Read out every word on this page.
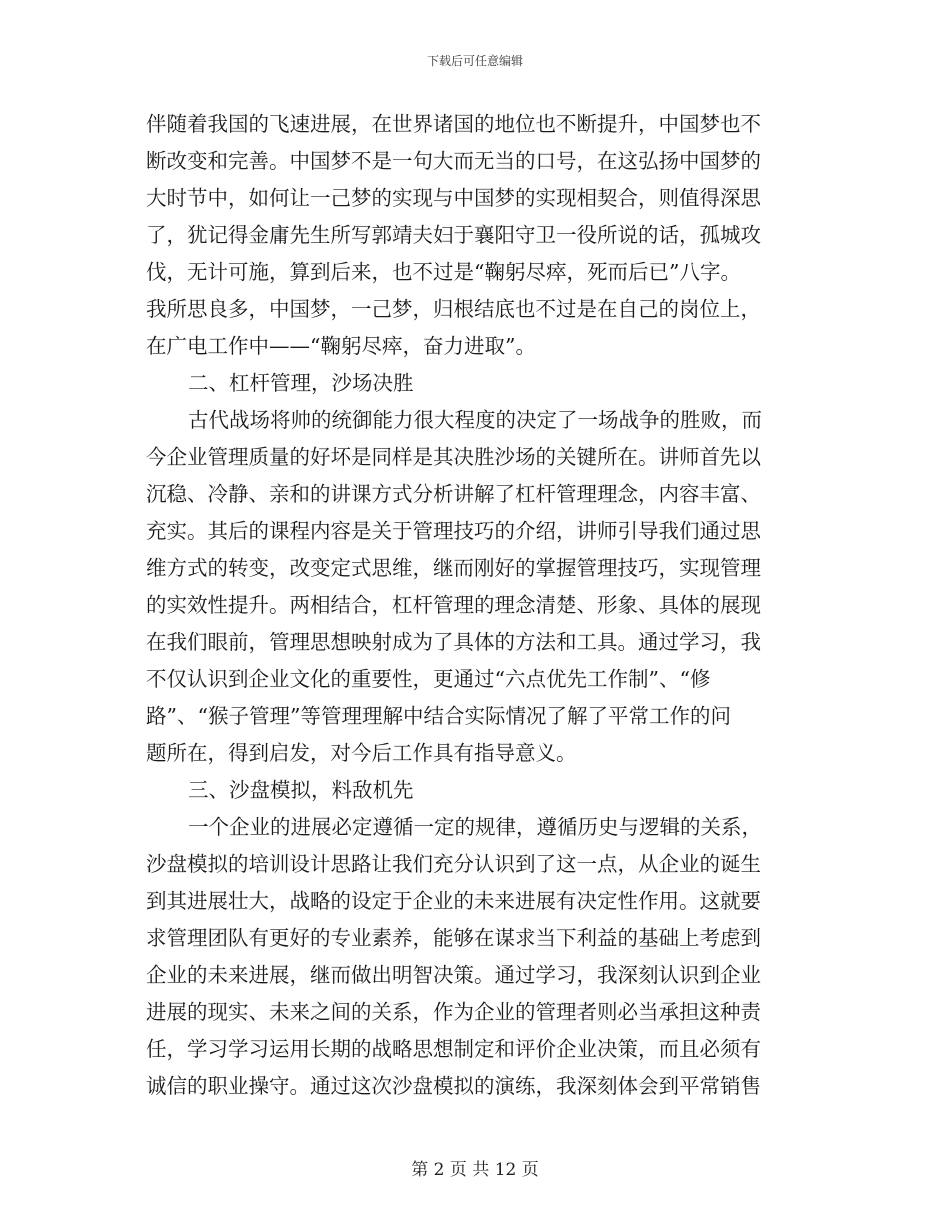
下载后可任意编辑
伴随着我国的飞速进展，在世界诸国的地位也不断提升，中国梦也不
断改变和完善。中国梦不是一句大而无当的口号，在这弘扬中国梦的
大时节中，如何让一己梦的实现与中国梦的实现相契合，则值得深思
了，犹记得金庸先生所写郭靖夫妇于襄阳守卫一役所说的话，孤城攻
伐，无计可施，算到后来，也不过是“鞠躬尽瘁，死而后已”八字。
我所思良多，中国梦，一己梦，归根结底也不过是在自己的岗位上，
在广电工作中——“鞠躬尽瘁，奋力进取”。
二、杠杆管理，沙场决胜
古代战场将帅的统御能力很大程度的决定了一场战争的胜败，而
今企业管理质量的好坏是同样是其决胜沙场的关键所在。讲师首先以
沉稳、冷静、亲和的讲课方式分析讲解了杠杆管理理念，内容丰富、
充实。其后的课程内容是关于管理技巧的介绍，讲师引导我们通过思
维方式的转变，改变定式思维，继而刚好的掌握管理技巧，实现管理
的实效性提升。两相结合，杠杆管理的理念清楚、形象、具体的展现
在我们眼前，管理思想映射成为了具体的方法和工具。通过学习，我
不仅认识到企业文化的重要性，更通过“六点优先工作制”、“修
路”、“猴子管理”等管理理解中结合实际情况了解了平常工作的问
题所在，得到启发，对今后工作具有指导意义。
三、沙盘模拟，料敌机先
一个企业的进展必定遵循一定的规律，遵循历史与逻辑的关系，
沙盘模拟的培训设计思路让我们充分认识到了这一点，从企业的诞生
到其进展壮大，战略的设定于企业的未来进展有决定性作用。这就要
求管理团队有更好的专业素养，能够在谋求当下利益的基础上考虑到
企业的未来进展，继而做出明智决策。通过学习，我深刻认识到企业
进展的现实、未来之间的关系，作为企业的管理者则必当承担这种责
任，学习学习运用长期的战略思想制定和评价企业决策，而且必须有
诚信的职业操守。通过这次沙盘模拟的演练，我深刻体会到平常销售
第 2 页 共 12 页
